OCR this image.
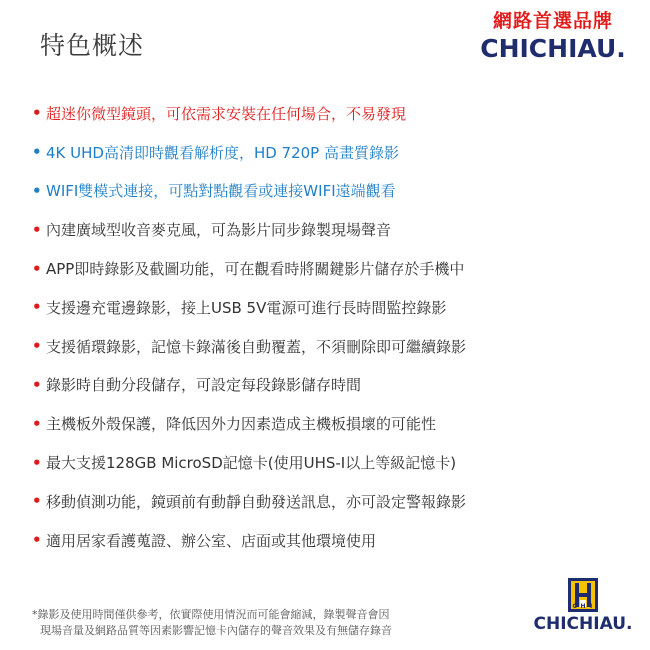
特色概述
網路首選品牌
CHICHIAU.
• 超迷你微型鏡頭，可依需求安裝在任何場合，不易發現
• 4K UHD高清即時觀看解析度，HD 720P 高畫質錄影
• WIFI雙模式連接，可點對點觀看或連接WIFI遠端觀看
• 內建廣域型收音麥克風，可為影片同步錄製現場聲音
• APP即時錄影及截圖功能，可在觀看時將關鍵影片儲存於手機中
• 支援邊充電邊錄影，接上USB 5V電源可進行長時間監控錄影
• 支援循環錄影，記憶卡錄滿後自動覆蓋，不須刪除即可繼續錄影
• 錄影時自動分段儲存，可設定每段錄影儲存時間
• 主機板外殼保護，降低因外力因素造成主機板損壞的可能性
• 最大支援128GB MicroSD記憶卡(使用UHS-I以上等級記憶卡)
• 移動偵測功能，鏡頭前有動靜自動發送訊息，亦可設定警報錄影
• 適用居家看護蒐證、辦公室、店面或其他環境使用
*錄影及使用時間僅供參考，依實際使用情況而可能會縮減，錄製聲音會因
現場音量及網路品質等因素影響記憶卡內儲存的聲音效果及有無儲存錄音
C H I
CHICHIAU.
